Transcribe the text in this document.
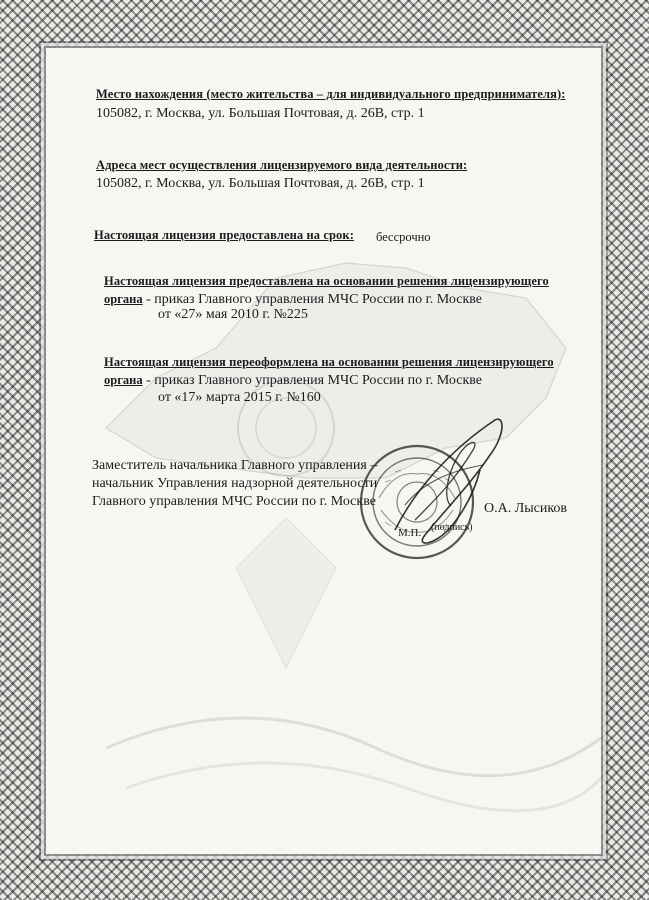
Место нахождения (место жительства – для индивидуального предпринимателя):
105082, г. Москва, ул. Большая Почтовая, д. 26В, стр. 1
Адреса мест осуществления лицензируемого вида деятельности:
105082, г. Москва, ул. Большая Почтовая, д. 26В, стр. 1
Настоящая лицензия предоставлена на срок: бессрочно
Настоящая лицензия предоставлена на основании решения лицензирующего
органа - приказ Главного управления МЧС России по г. Москве
от «27» мая 2010 г. №225
Настоящая лицензия переоформлена на основании решения лицензирующего
органа - приказ Главного управления МЧС России по г. Москве
от «17» марта 2015 г. №160
Заместитель начальника Главного управления –
начальник Управления надзорной деятельности
Главного управления МЧС России по г. Москве	О.А. Лысиков
(подпись)
М.П.
